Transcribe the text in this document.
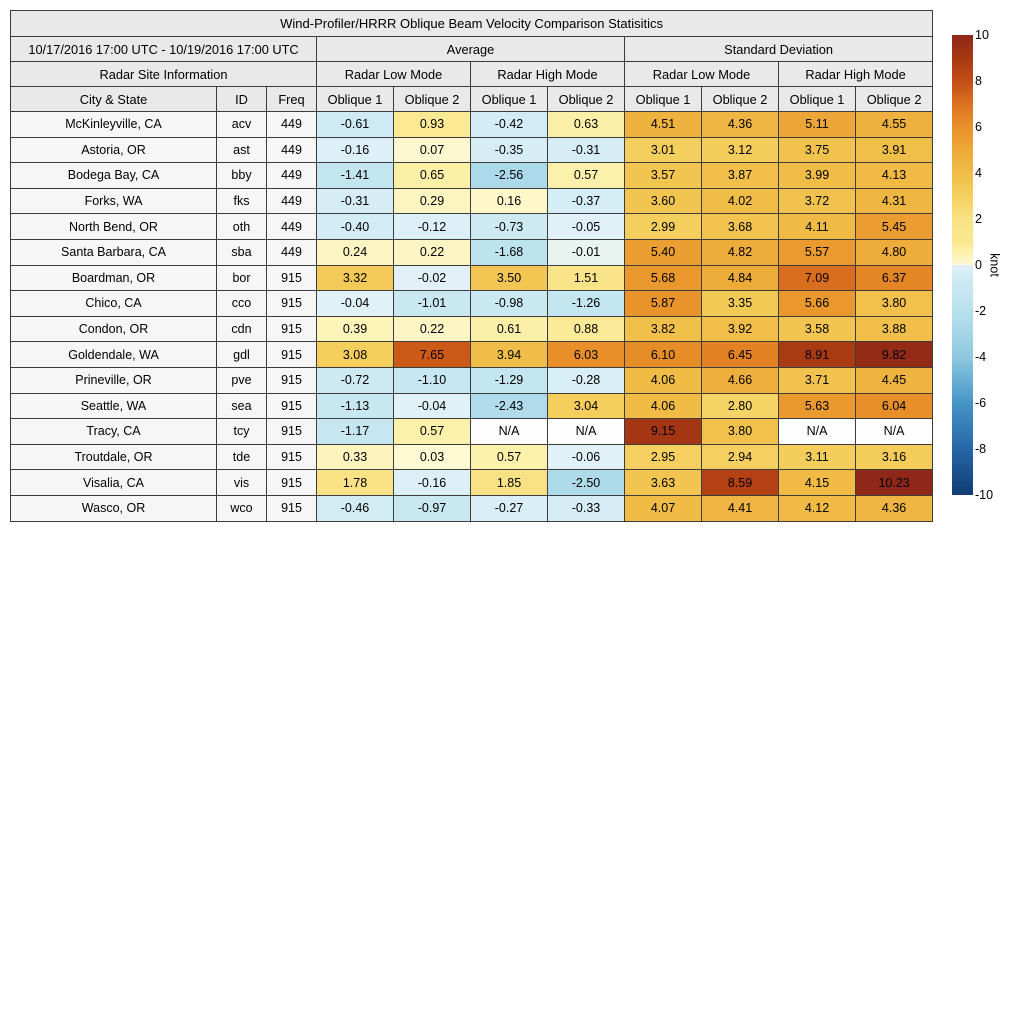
Wind-Profiler/HRRR Oblique Beam Velocity Comparison Statisitics										
10/17/2016 17:00 UTC - 10/19/2016 17:00 UTC			Average				Standard Deviation			
Radar Site Information			Radar Low Mode		Radar High Mode		Radar Low Mode		Radar High Mode	
City & State	ID	Freq	Oblique 1	Oblique 2	Oblique 1	Oblique 2	Oblique 1	Oblique 2	Oblique 1	Oblique 2
McKinleyville, CA	acv	449	-0.61	0.93	-0.42	0.63	4.51	4.36	5.11	4.55
Astoria, OR	ast	449	-0.16	0.07	-0.35	-0.31	3.01	3.12	3.75	3.91
Bodega Bay, CA	bby	449	-1.41	0.65	-2.56	0.57	3.57	3.87	3.99	4.13
Forks, WA	fks	449	-0.31	0.29	0.16	-0.37	3.60	4.02	3.72	4.31
North Bend, OR	oth	449	-0.40	-0.12	-0.73	-0.05	2.99	3.68	4.11	5.45
Santa Barbara, CA	sba	449	0.24	0.22	-1.68	-0.01	5.40	4.82	5.57	4.80
Boardman, OR	bor	915	3.32	-0.02	3.50	1.51	5.68	4.84	7.09	6.37
Chico, CA	cco	915	-0.04	-1.01	-0.98	-1.26	5.87	3.35	5.66	3.80
Condon, OR	cdn	915	0.39	0.22	0.61	0.88	3.82	3.92	3.58	3.88
Goldendale, WA	gdl	915	3.08	7.65	3.94	6.03	6.10	6.45	8.91	9.82
Prineville, OR	pve	915	-0.72	-1.10	-1.29	-0.28	4.06	4.66	3.71	4.45
Seattle, WA	sea	915	-1.13	-0.04	-2.43	3.04	4.06	2.80	5.63	6.04
Tracy, CA	tcy	915	-1.17	0.57	N/A	N/A	9.15	3.80	N/A	N/A
Troutdale, OR	tde	915	0.33	0.03	0.57	-0.06	2.95	2.94	3.11	3.16
Visalia, CA	vis	915	1.78	-0.16	1.85	-2.50	3.63	8.59	4.15	10.23
Wasco, OR	wco	915	-0.46	-0.97	-0.27	-0.33	4.07	4.41	4.12	4.36
10
8
6
4
2
0
-2
-4
-6
-8
-10
knot
